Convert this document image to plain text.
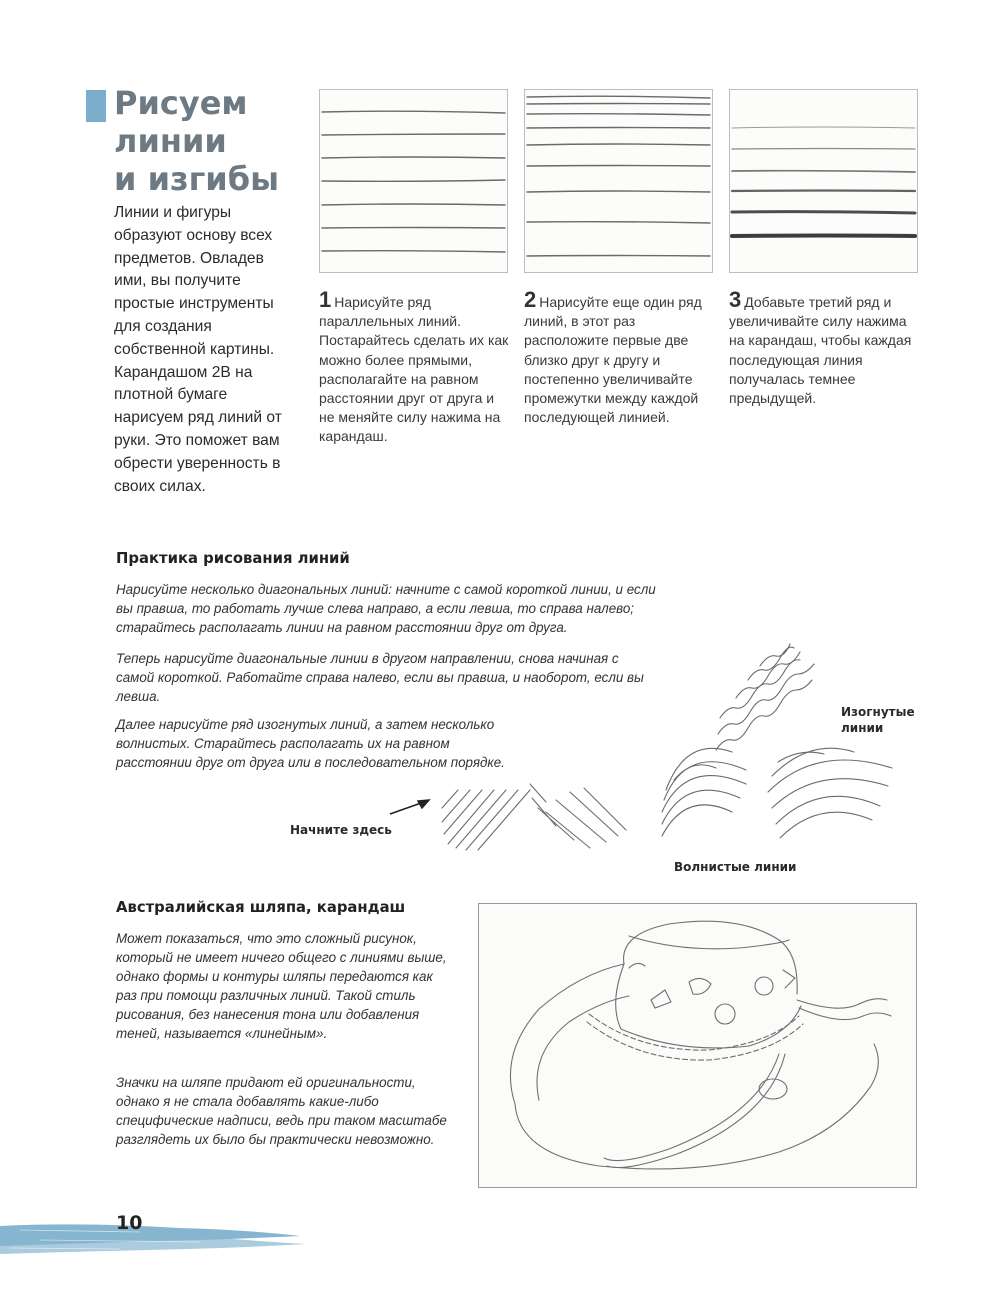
Рисуем
линии
и изгибы

Линии и фигуры образуют основу всех предметов. Овладев ими, вы получите простые инструменты для создания собственной картины. Карандашом 2B на плотной бумаге нарисуем ряд линий от руки. Это поможет вам обрести уверенность в своих силах.

1 Нарисуйте ряд параллельных линий. Постарайтесь сделать их как можно более прямыми, располагайте на равном расстоянии друг от друга и не меняйте силу нажима на карандаш.
2 Нарисуйте еще один ряд линий, в этот раз расположите первые две близко друг к другу и постепенно увеличивайте промежутки между каждой последующей линией.
3 Добавьте третий ряд и увеличивайте силу нажима на карандаш, чтобы каждая последующая линия получалась темнее предыдущей.
Практика рисования линий

Нарисуйте несколько диагональных линий: начните с самой короткой линии, и если вы правша, то работать лучше слева направо, а если левша, то справа налево; старайтесь располагать линии на равном расстоянии друг от друга.

Теперь нарисуйте диагональные линии в другом направлении, снова начиная с самой короткой. Работайте справа налево, если вы правша, и наоборот, если вы левша.

Далее нарисуйте ряд изогнутых линий, а затем несколько волнистых. Старайтесь располагать их на равном расстоянии друг от друга или в последовательном порядке.

Начните здесь
Изогнутые линии
Волнистые линии
Австралийская шляпа, карандаш

Может показаться, что это сложный рисунок, который не имеет ничего общего с линиями выше, однако формы и контуры шляпы передаются как раз при помощи различных линий. Такой стиль рисования, без нанесения тона или добавления теней, называется «линейным».

Значки на шляпе придают ей оригинальности, однако я не стала добавлять какие-либо специфические надписи, ведь при таком масштабе разглядеть их было бы практически невозможно.

10
